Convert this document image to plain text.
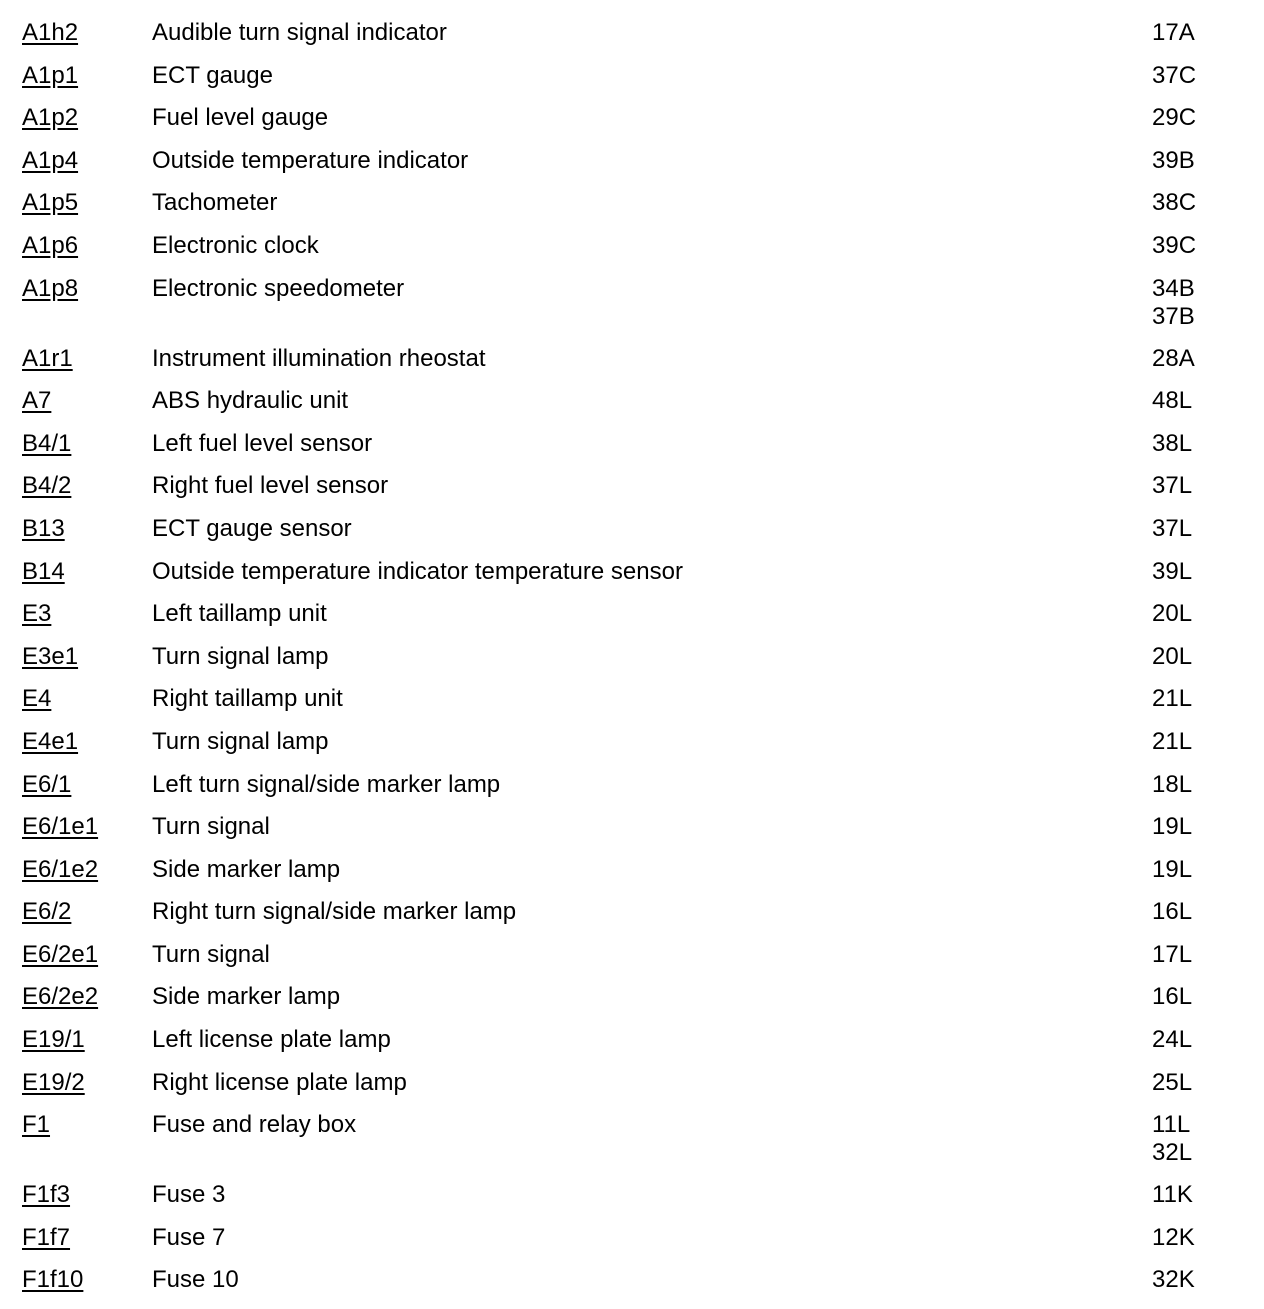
A1h2	Audible turn signal indicator	17A
A1p1	ECT gauge	37C
A1p2	Fuel level gauge	29C
A1p4	Outside temperature indicator	39B
A1p5	Tachometer	38C
A1p6	Electronic clock	39C
A1p8	Electronic speedometer	34B
37B
A1r1	Instrument illumination rheostat	28A
A7	ABS hydraulic unit	48L
B4/1	Left fuel level sensor	38L
B4/2	Right fuel level sensor	37L
B13	ECT gauge sensor	37L
B14	Outside temperature indicator temperature sensor	39L
E3	Left taillamp unit	20L
E3e1	Turn signal lamp	20L
E4	Right taillamp unit	21L
E4e1	Turn signal lamp	21L
E6/1	Left turn signal/side marker lamp	18L
E6/1e1 Turn signal	19L
E6/1e2 Side marker lamp	19L
E6/2	Right turn signal/side marker lamp	16L
E6/2e1 Turn signal	17L
E6/2e2 Side marker lamp	16L
E19/1	Left license plate lamp	24L
E19/2	Right license plate lamp	25L
F1	Fuse and relay box	11L
32L
F1f3	Fuse 3	11K
F1f7	Fuse 7	12K
F1f10	Fuse 10	32K
